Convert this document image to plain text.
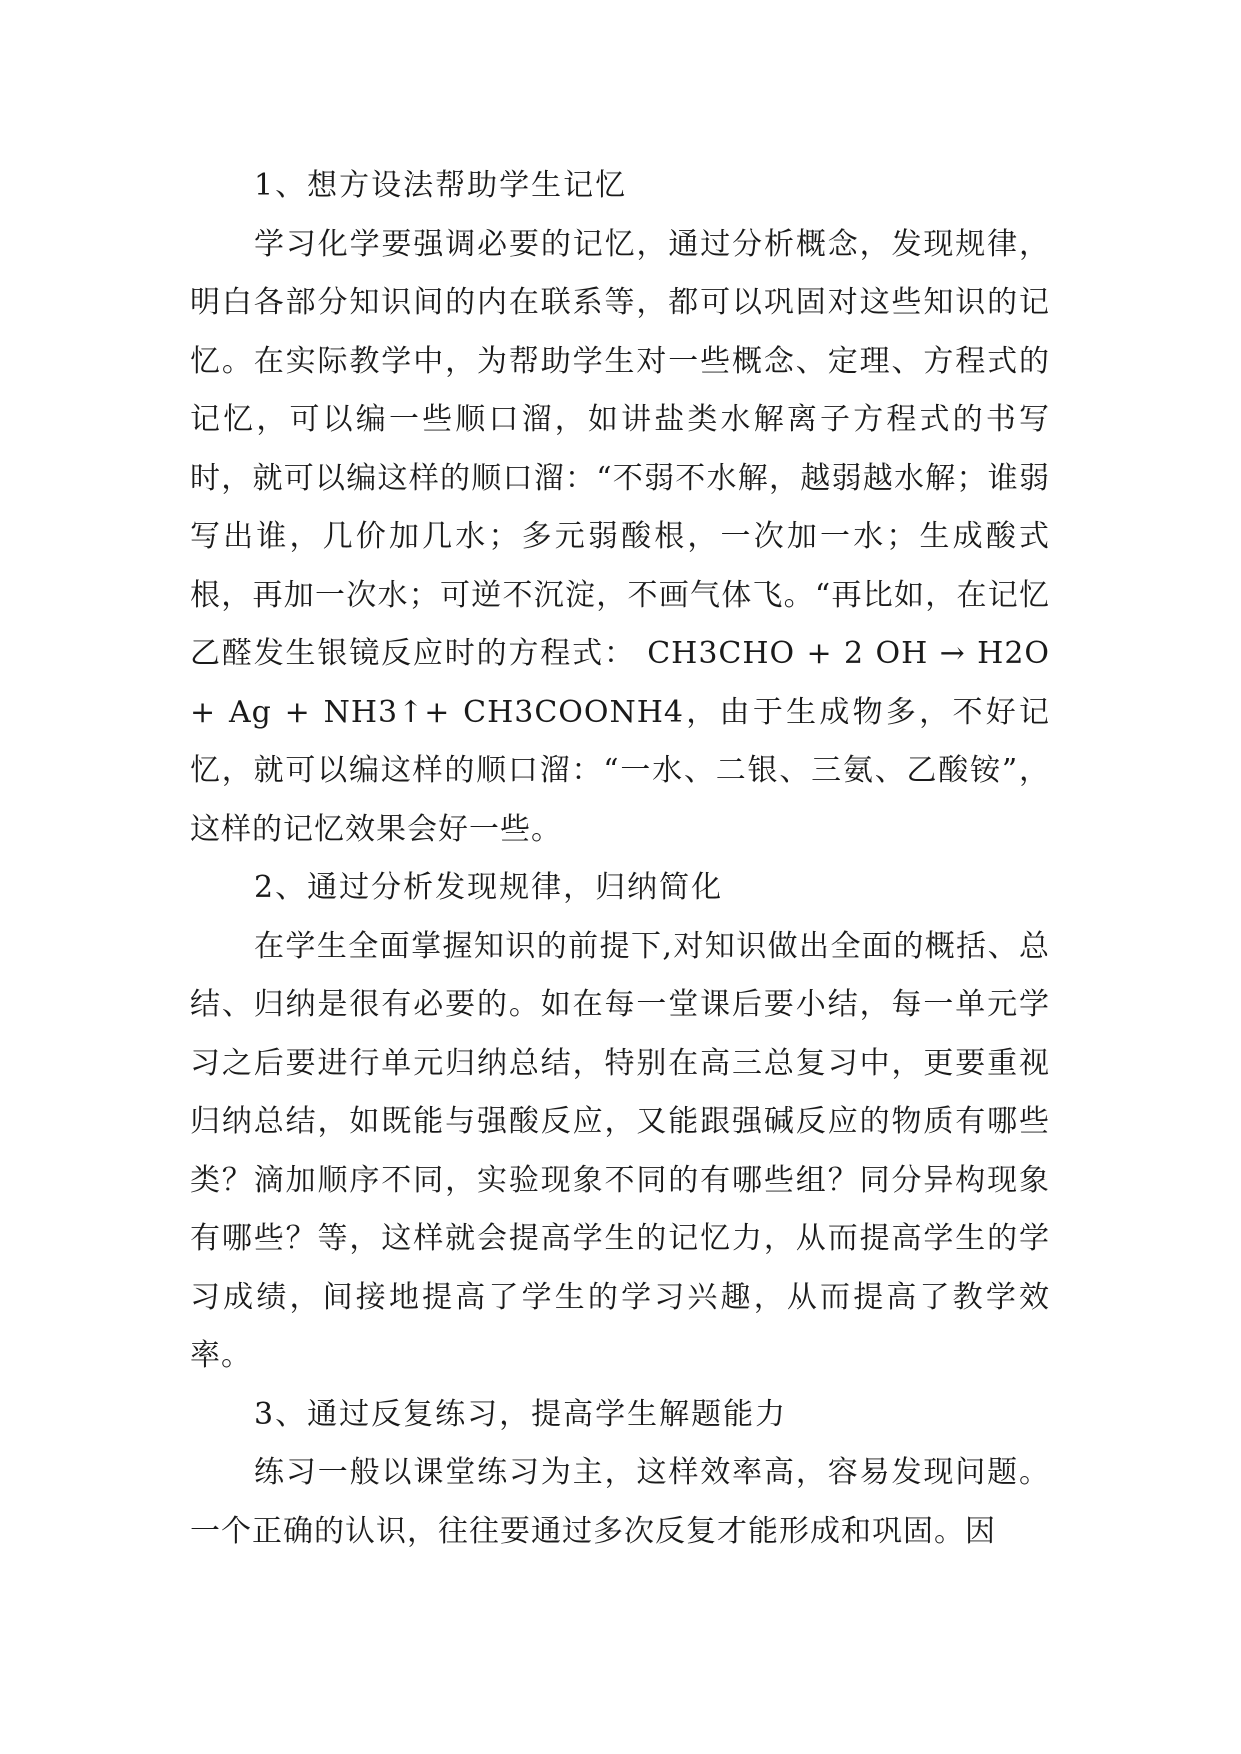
1、想方设法帮助学生记忆

学习化学要强调必要的记忆，通过分析概念，发现规律，明白各部分知识间的内在联系等，都可以巩固对这些知识的记忆。在实际教学中，为帮助学生对一些概念、定理、方程式的记忆，可以编一些顺口溜，如讲盐类水解离子方程式的书写时，就可以编这样的顺口溜：“不弱不水解，越弱越水解；谁弱写出谁，几价加几水；多元弱酸根，一次加一水；生成酸式根，再加一次水；可逆不沉淀，不画气体飞。“再比如，在记忆乙醛发生银镜反应时的方程式： CH3CHO + 2 OH → H2O + Ag + NH3↑+ CH3COONH4，由于生成物多，不好记忆，就可以编这样的顺口溜：“一水、二银、三氨、乙酸铵”，这样的记忆效果会好一些。

2、通过分析发现规律，归纳简化

在学生全面掌握知识的前提下,对知识做出全面的概括、总结、归纳是很有必要的。如在每一堂课后要小结，每一单元学习之后要进行单元归纳总结，特别在高三总复习中，更要重视归纳总结，如既能与强酸反应，又能跟强碱反应的物质有哪些类？滴加顺序不同，实验现象不同的有哪些组？同分异构现象有哪些？等，这样就会提高学生的记忆力，从而提高学生的学习成绩，间接地提高了学生的学习兴趣，从而提高了教学效率。

3、通过反复练习，提高学生解题能力

练习一般以课堂练习为主，这样效率高，容易发现问题。一个正确的认识，往往要通过多次反复才能形成和巩固。因
